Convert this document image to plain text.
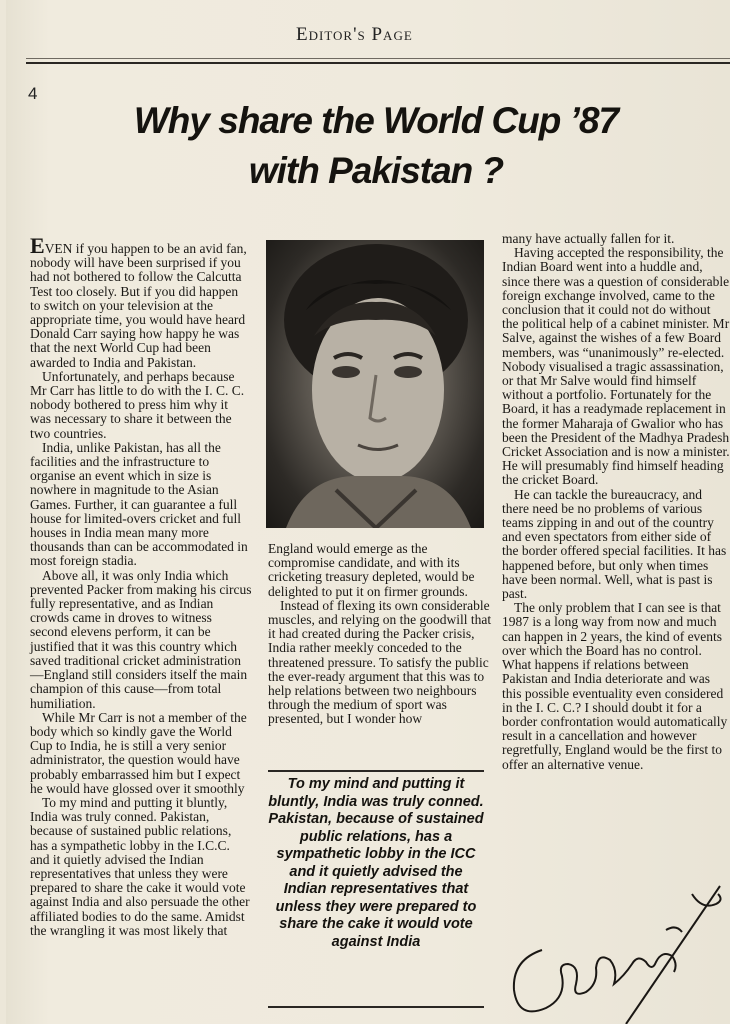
Editor's Page
4
Why share the World Cup ’87
with Pakistan ?

EVEN if you happen to be an avid fan, nobody will have been surprised if you had not bothered to follow the Calcutta Test too closely. But if you did happen to switch on your television at the appropriate time, you would have heard Donald Carr saying how happy he was that the next World Cup had been awarded to India and Pakistan.

Unfortunately, and perhaps because Mr Carr has little to do with the I. C. C. nobody bothered to press him why it was necessary to share it between the two countries.

India, unlike Pakistan, has all the facilities and the infrastructure to organise an event which in size is nowhere in magnitude to the Asian Games. Further, it can guarantee a full house for limited-overs cricket and full houses in India mean many more thousands than can be accommodated in most foreign stadia.

Above all, it was only India which prevented Packer from making his circus fully representative, and as Indian crowds came in droves to witness second elevens perform, it can be justified that it was this country which saved traditional cricket administration—England still considers itself the main champion of this cause—from total humiliation.

While Mr Carr is not a member of the body which so kindly gave the World Cup to India, he is still a very senior administrator, the question would have probably embarrassed him but I expect he would have glossed over it smoothly

To my mind and putting it bluntly, India was truly conned. Pakistan, because of sustained public relations, has a sympathetic lobby in the I.C.C. and it quietly advised the Indian representatives that unless they were prepared to share the cake it would vote against India and also persuade the other affiliated bodies to do the same. Amidst the wrangling it was most likely that

England would emerge as the compromise candidate, and with its cricketing treasury depleted, would be delighted to put it on firmer grounds.

Instead of flexing its own considerable muscles, and relying on the goodwill that it had created during the Packer crisis, India rather meekly conceded to the threatened pressure. To satisfy the public the ever-ready argument that this was to help relations between two neighbours through the medium of sport was presented, but I wonder how

To my mind and putting it bluntly, India was truly conned. Pakistan, because of sustained public relations, has a sympathetic lobby in the ICC and it quietly advised the Indian representatives that unless they were prepared to share the cake it would vote against India

many have actually fallen for it.

Having accepted the responsibility, the Indian Board went into a huddle and, since there was a question of considerable foreign exchange involved, came to the conclusion that it could not do without the political help of a cabinet minister. Mr Salve, against the wishes of a few Board members, was “unanimously” re-elected. Nobody visualised a tragic assassination, or that Mr Salve would find himself without a portfolio. Fortunately for the Board, it has a readymade replacement in the former Maharaja of Gwalior who has been the President of the Madhya Pradesh Cricket Association and is now a minister. He will presumably find himself heading the cricket Board.

He can tackle the bureaucracy, and there need be no problems of various teams zipping in and out of the country and even spectators from either side of the border offered special facilities. It has happened before, but only when times have been normal. Well, what is past is past.

The only problem that I can see is that 1987 is a long way from now and much can happen in 2 years, the kind of events over which the Board has no control. What happens if relations between Pakistan and India deteriorate and was this possible eventuality even considered in the I. C. C.? I should doubt it for a border confrontation would automatically result in a cancellation and however regretfully, England would be the first to offer an alternative venue.
